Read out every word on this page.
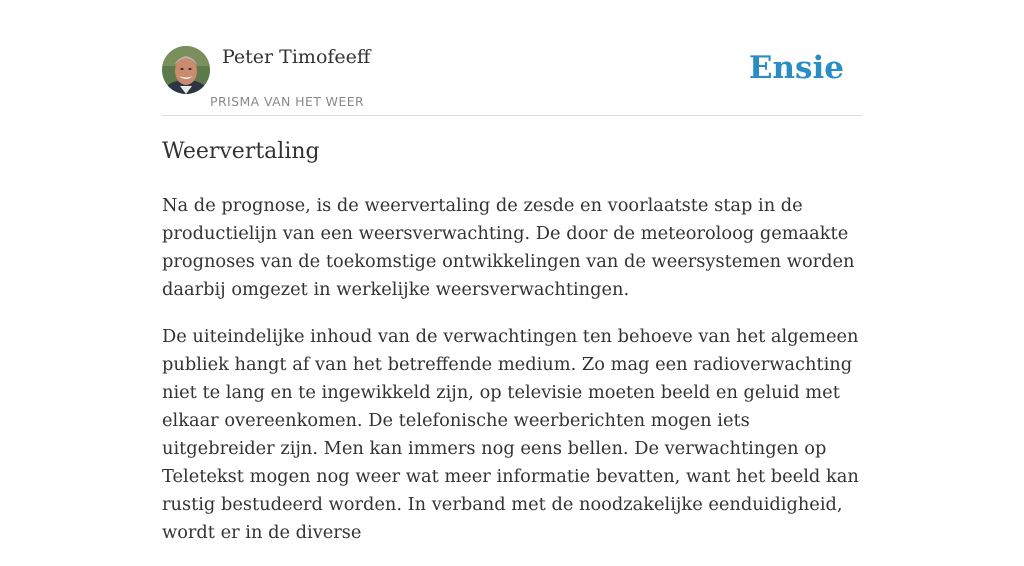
Peter Timofeeff
PRISMA VAN HET WEER
Ensie
Weervertaling

Na de prognose, is de weervertaling de zesde en voorlaatste stap in de productielijn van een weersverwachting. De door de meteoroloog gemaakte prognoses van de toekomstige ontwikkelingen van de weersystemen worden daarbij omgezet in werkelijke weersverwachtingen.

De uiteindelijke inhoud van de verwachtingen ten behoeve van het algemeen publiek hangt af van het betreffende medium. Zo mag een radioverwachting niet te lang en te ingewikkeld zijn, op televisie moeten beeld en geluid met elkaar overeenkomen. De telefonische weerberichten mogen iets uitgebreider zijn. Men kan immers nog eens bellen. De verwachtingen op Teletekst mogen nog weer wat meer informatie bevatten, want het beeld kan rustig bestudeerd worden. In verband met de noodzakelijke eenduidigheid, wordt er in de diverse
